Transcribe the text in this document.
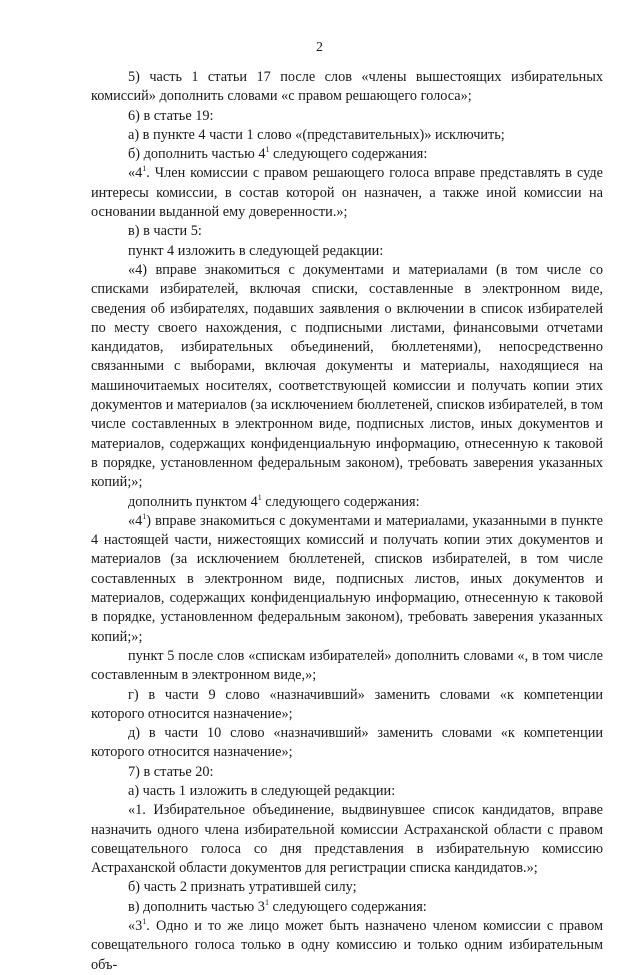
2

5) часть 1 статьи 17 после слов «члены вышестоящих избирательных комиссий» дополнить словами «с правом решающего голоса»;

6) в статье 19:

а) в пункте 4 части 1 слово «(представительных)» исключить;

б) дополнить частью $4^1$ следующего содержания:

«$4^1$. Член комиссии с правом решающего голоса вправе представлять в суде интересы комиссии, в состав которой он назначен, а также иной комиссии на основании выданной ему доверенности.»;

в) в части 5:

пункт 4 изложить в следующей редакции:

«4) вправе знакомиться с документами и материалами (в том числе со списками избирателей, включая списки, составленные в электронном виде, сведения об избирателях, подавших заявления о включении в список избирателей по месту своего нахождения, с подписными листами, финансовыми отчетами кандидатов, избирательных объединений, бюллетенями), непосредственно связанными с выборами, включая документы и материалы, находящиеся на машиночитаемых носителях, соответствующей комиссии и получать копии этих документов и материалов (за исключением бюллетеней, списков избирателей, в том числе составленных в электронном виде, подписных листов, иных документов и материалов, содержащих конфиденциальную информацию, отнесенную к таковой в порядке, установленном федеральным законом), требовать заверения указанных копий;»;

дополнить пунктом $4^1$ следующего содержания:

«$4^1$) вправе знакомиться с документами и материалами, указанными в пункте 4 настоящей части, нижестоящих комиссий и получать копии этих документов и материалов (за исключением бюллетеней, списков избирателей, в том числе составленных в электронном виде, подписных листов, иных документов и материалов, содержащих конфиденциальную информацию, отнесенную к таковой в порядке, установленном федеральным законом), требовать заверения указанных копий;»;

пункт 5 после слов «спискам избирателей» дополнить словами «, в том числе составленным в электронном виде,»;

г) в части 9 слово «назначивший» заменить словами «к компетенции которого относится назначение»;

д) в части 10 слово «назначивший» заменить словами «к компетенции которого относится назначение»;

7) в статье 20:

а) часть 1 изложить в следующей редакции:

«1. Избирательное объединение, выдвинувшее список кандидатов, вправе назначить одного члена избирательной комиссии Астраханской области с правом совещательного голоса со дня представления в избирательную комиссию Астраханской области документов для регистрации списка кандидатов.»;

б) часть 2 признать утратившей силу;

в) дополнить частью $3^1$ следующего содержания:

«$3^1$. Одно и то же лицо может быть назначено членом комиссии с правом совещательного голоса только в одну комиссию и только одним избирательным объ-
